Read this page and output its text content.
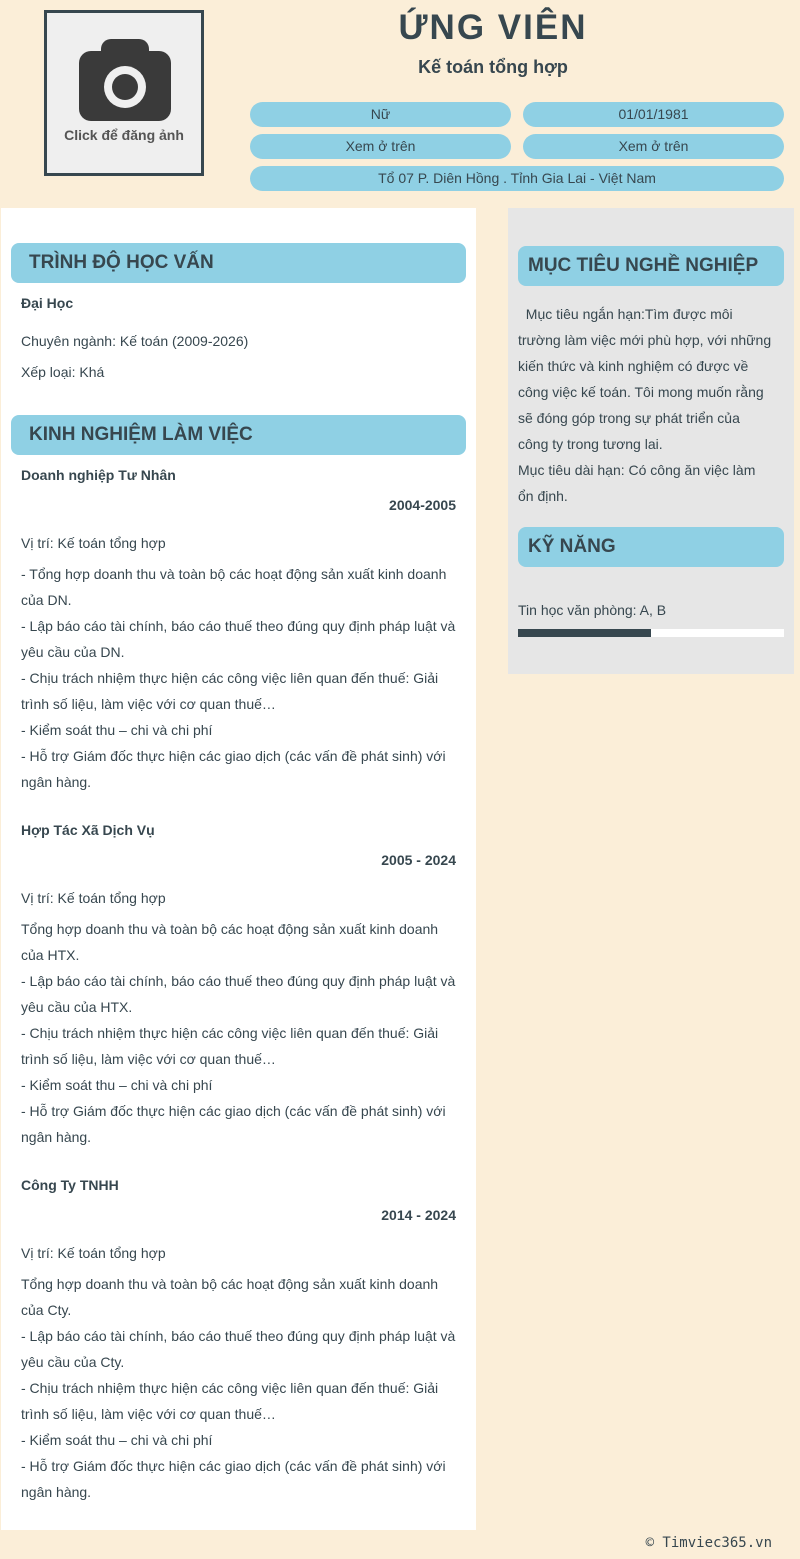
Click để đăng ảnh
ỨNG VIÊN
Kế toán tổng hợp
Nữ	01/01/1981
Xem ở trên	Xem ở trên
Tổ 07 P. Diên Hồng . Tỉnh Gia Lai - Việt Nam
TRÌNH ĐỘ HỌC VẤN
Đại Học
Chuyên ngành: Kế toán (2009-2026)
Xếp loại: Khá
KINH NGHIỆM LÀM VIỆC
Doanh nghiệp Tư Nhân
2004-2005
Vị trí: Kế toán tổng hợp
- Tổng hợp doanh thu và toàn bộ các hoạt động sản xuất kinh doanh của DN.
- Lập báo cáo tài chính, báo cáo thuế theo đúng quy định pháp luật và yêu cầu của DN.
- Chịu trách nhiệm thực hiện các công việc liên quan đến thuế: Giải trình số liệu, làm việc với cơ quan thuế…
- Kiểm soát thu – chi và chi phí
- Hỗ trợ Giám đốc thực hiện các giao dịch (các vấn đề phát sinh) với ngân hàng.
Hợp Tác Xã Dịch Vụ
2005 - 2024
Vị trí: Kế toán tổng hợp
Tổng hợp doanh thu và toàn bộ các hoạt động sản xuất kinh doanh của HTX.
- Lập báo cáo tài chính, báo cáo thuế theo đúng quy định pháp luật và yêu cầu của HTX.
- Chịu trách nhiệm thực hiện các công việc liên quan đến thuế: Giải trình số liệu, làm việc với cơ quan thuế…
- Kiểm soát thu – chi và chi phí
- Hỗ trợ Giám đốc thực hiện các giao dịch (các vấn đề phát sinh) với ngân hàng.
Công Ty TNHH
2014 - 2024
Vị trí: Kế toán tổng hợp
Tổng hợp doanh thu và toàn bộ các hoạt động sản xuất kinh doanh của Cty.
- Lập báo cáo tài chính, báo cáo thuế theo đúng quy định pháp luật và yêu cầu của Cty.
- Chịu trách nhiệm thực hiện các công việc liên quan đến thuế: Giải trình số liệu, làm việc với cơ quan thuế…
- Kiểm soát thu – chi và chi phí
- Hỗ trợ Giám đốc thực hiện các giao dịch (các vấn đề phát sinh) với ngân hàng.
MỤC TIÊU NGHỀ NGHIỆP
Mục tiêu ngắn hạn:Tìm được môi trường làm việc mới phù hợp, với những kiến thức và kinh nghiệm có được về công việc kế toán. Tôi mong muốn rằng sẽ đóng góp trong sự phát triển của công ty trong tương lai.
Mục tiêu dài hạn: Có công ăn việc làm ổn định.
KỸ NĂNG
Tin học văn phòng: A, B
© Timviec365.vn
